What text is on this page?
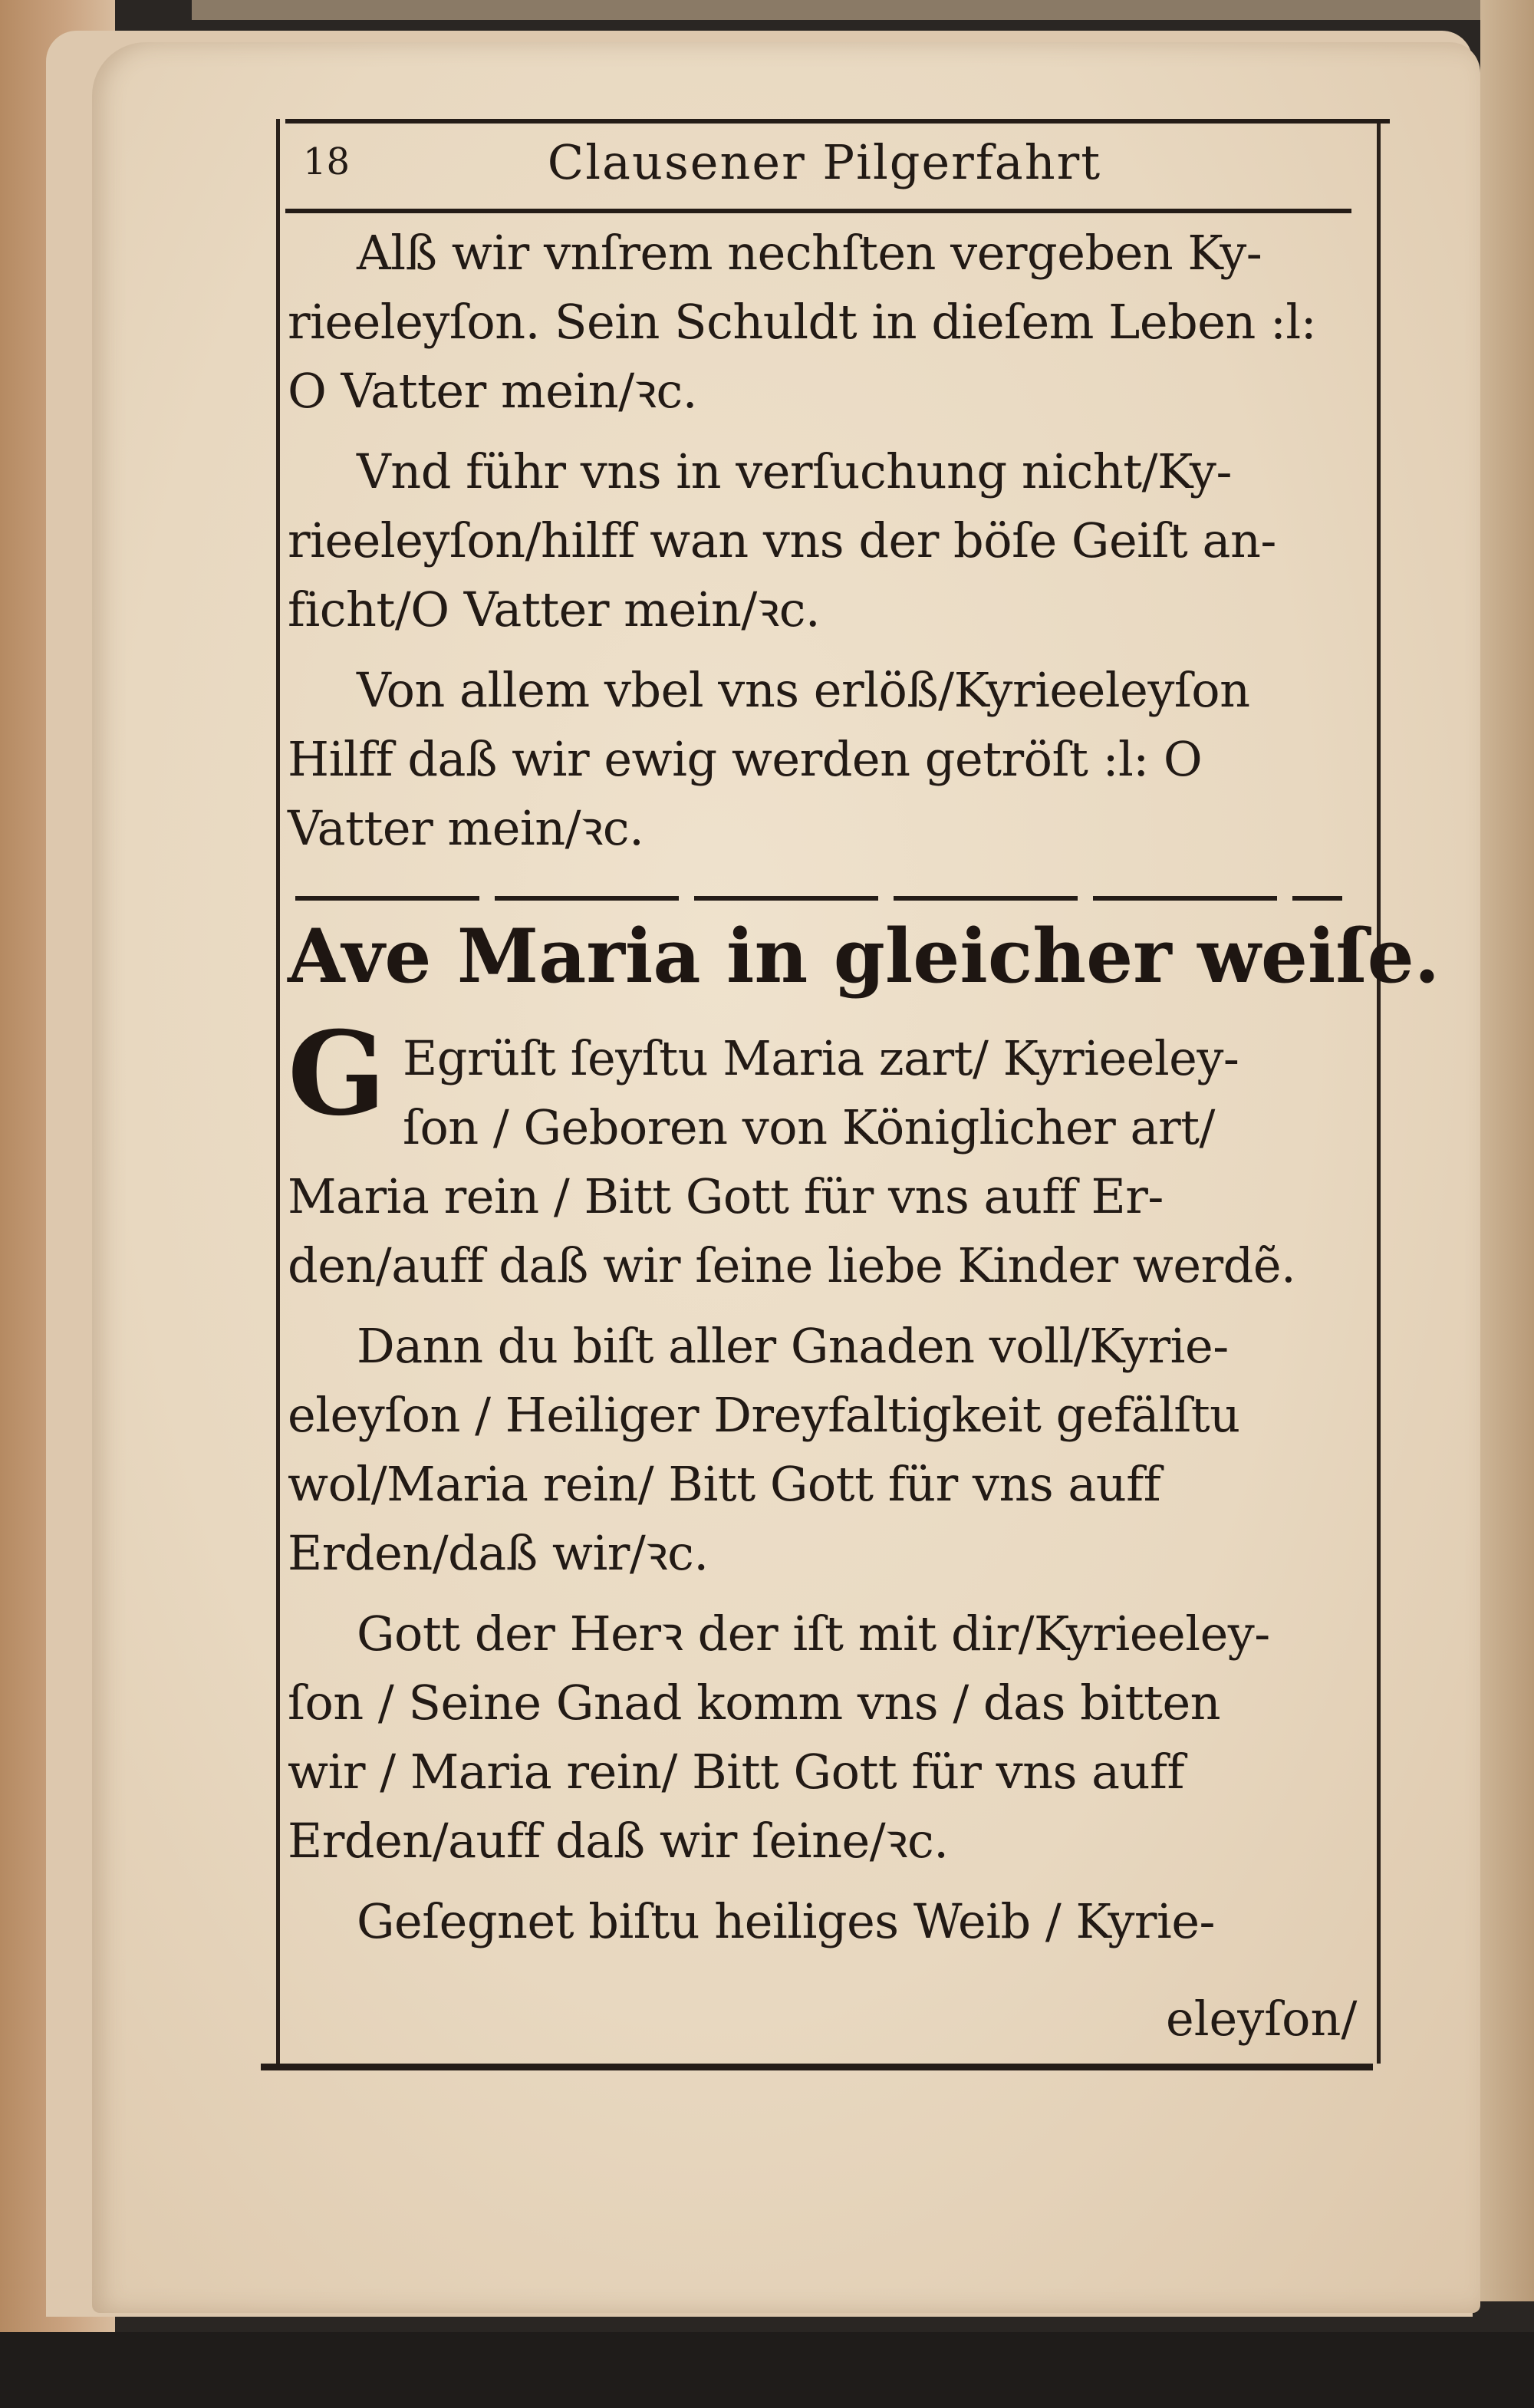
18	Clausener Pilgerfahrt
Alß wir vnſrem nechſten vergeben Ky-
rieeleyſon. Sein Schuldt in dieſem Leben :l:
O Vatter mein/ꝛc.
Vnd führ vns in verſuchung nicht/Ky-
rieeleyſon/hilff wan vns der böſe Geiſt an-
ficht/O Vatter mein/ꝛc.
Von allem vbel vns erlöß/Kyrieeleyſon
Hilff daß wir ewig werden getröſt :l: O
Vatter mein/ꝛc.
Ave Maria in gleicher weiſe.
G Egrüſt ſeyſtu Maria zart/ Kyrieeley-
ſon / Geboren von Königlicher art/
Maria rein / Bitt Gott für vns auff Er-
den/auff daß wir ſeine liebe Kinder werdẽ.
Dann du biſt aller Gnaden voll/Kyrie-
eleyſon / Heiliger Dreyfaltigkeit gefälſtu
wol/Maria rein/ Bitt Gott für vns auff
Erden/daß wir/ꝛc.
Gott der Herꝛ der iſt mit dir/Kyrieeley-
ſon / Seine Gnad komm vns / das bitten
wir / Maria rein/ Bitt Gott für vns auff
Erden/auff daß wir ſeine/ꝛc.
Geſegnet biſtu heiliges Weib / Kyrie-
eleyſon/
